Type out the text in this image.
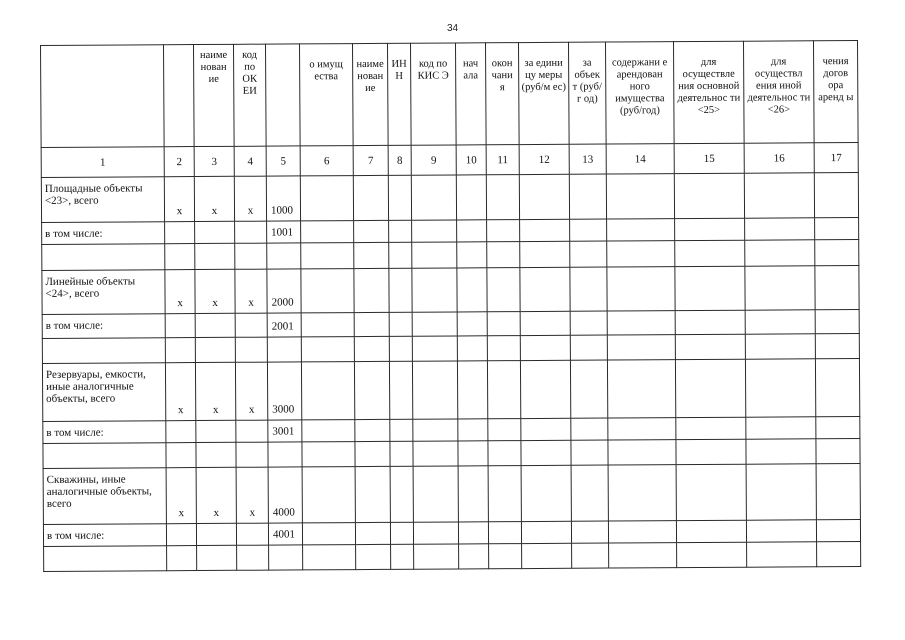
34
		наиме нован ие	код по ОК ЕИ		о имущ ества	наиме нован ие	ИН Н	код по КИС Э	нач ала	окон чани я	за едини цу меры (руб/м ес)	за объек т (руб/г од)	содержани е арендован ного имущества (руб/год)	для осуществле ния основной деятельнос ти <25>	для осуществл ения иной деятельнос ти <26>	чения догов ора аренд ы
1	2	3	4	5	6	7	8	9	10	11	12	13	14	15	16	17
Площадные объекты <23>, всего	x	x	x	1000												
в том числе:				1001												

Линейные объекты <24>, всего	x	x	x	2000												
в том числе:				2001												

Резервуары, емкости, иные аналогичные объекты, всего	x	x	x	3000												
в том числе:				3001												

Скважины, иные аналогичные объекты, всего	x	x	x	4000												
в том числе:				4001												
